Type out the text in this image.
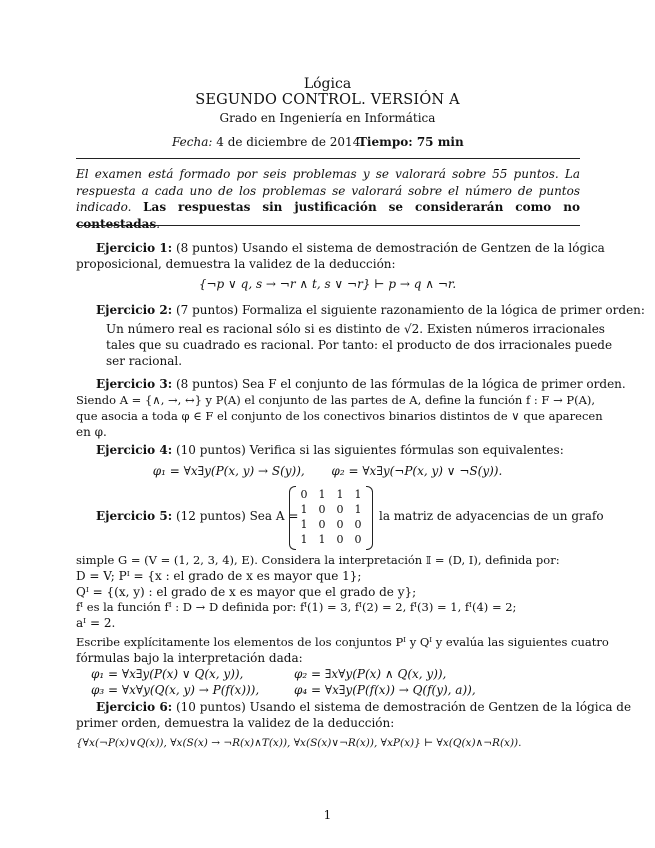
Lógica
SEGUNDO CONTROL. VERSIÓN A
Grado en Ingeniería en Informática
Fecha: 4 de diciembre de 2014
Tiempo: 75 min
El examen está formado por seis problemas y se valorará sobre 55 puntos. La respuesta a cada uno de los problemas se valorará sobre el número de puntos indicado. Las respuestas sin justificación se considerarán como no contestadas.
Ejercicio 1: (8 puntos) Usando el sistema de demostración de Gentzen de la lógica
proposicional, demuestra la validez de la deducción:
{¬p ∨ q, s → ¬r ∧ t, s ∨ ¬r} ⊢ p → q ∧ ¬r.
Ejercicio 2: (7 puntos) Formaliza el siguiente razonamiento de la lógica de primer orden:
Un número real es racional sólo si es distinto de √2. Existen números irracionales
tales que su cuadrado es racional. Por tanto: el producto de dos irracionales puede
ser racional.
Ejercicio 3: (8 puntos) Sea F el conjunto de las fórmulas de la lógica de primer orden.
Siendo A = {∧, →, ↔} y P(A) el conjunto de las partes de A, define la función f : F → P(A),
que asocia a toda φ ∈ F el conjunto de los conectivos binarios distintos de ∨ que aparecen
en φ.
Ejercicio 4: (10 puntos) Verifica si las siguientes fórmulas son equivalentes:
φ₁ = ∀x∃y(P(x, y) → S(y)),       φ₂ = ∀x∃y(¬P(x, y) ∨ ¬S(y)).
Ejercicio 5: (12 puntos) Sea A =
0 1 1 1
1 0 0 1
1 0 0 0
1 1 0 0
la matriz de adyacencias de un grafo
simple G = (V = (1, 2, 3, 4), E). Considera la interpretación 𝕀 = (D, I), definida por:
D = V; Pᴵ = {x : el grado de x es mayor que 1};
Qᴵ = {(x, y) : el grado de x es mayor que el grado de y};
fᴵ es la función fᴵ : D → D definida por: fᴵ(1) = 3, fᴵ(2) = 2, fᴵ(3) = 1, fᴵ(4) = 2;
aᴵ = 2.
Escribe explícitamente los elementos de los conjuntos Pᴵ y Qᴵ y evalúa las siguientes cuatro
fórmulas bajo la interpretación dada:
φ₁ = ∀x∃y(P(x) ∨ Q(x, y)),	φ₂ = ∃x∀y(P(x) ∧ Q(x, y)),
φ₃ = ∀x∀y(Q(x, y) → P(f(x))),	φ₄ = ∀x∃y(P(f(x)) → Q(f(y), a)),
Ejercicio 6: (10 puntos) Usando el sistema de demostración de Gentzen de la lógica de
primer orden, demuestra la validez de la deducción:
{∀x(¬P(x)∨Q(x)), ∀x(S(x) → ¬R(x)∧T(x)), ∀x(S(x)∨¬R(x)), ∀xP(x)} ⊢ ∀x(Q(x)∧¬R(x)).
1
